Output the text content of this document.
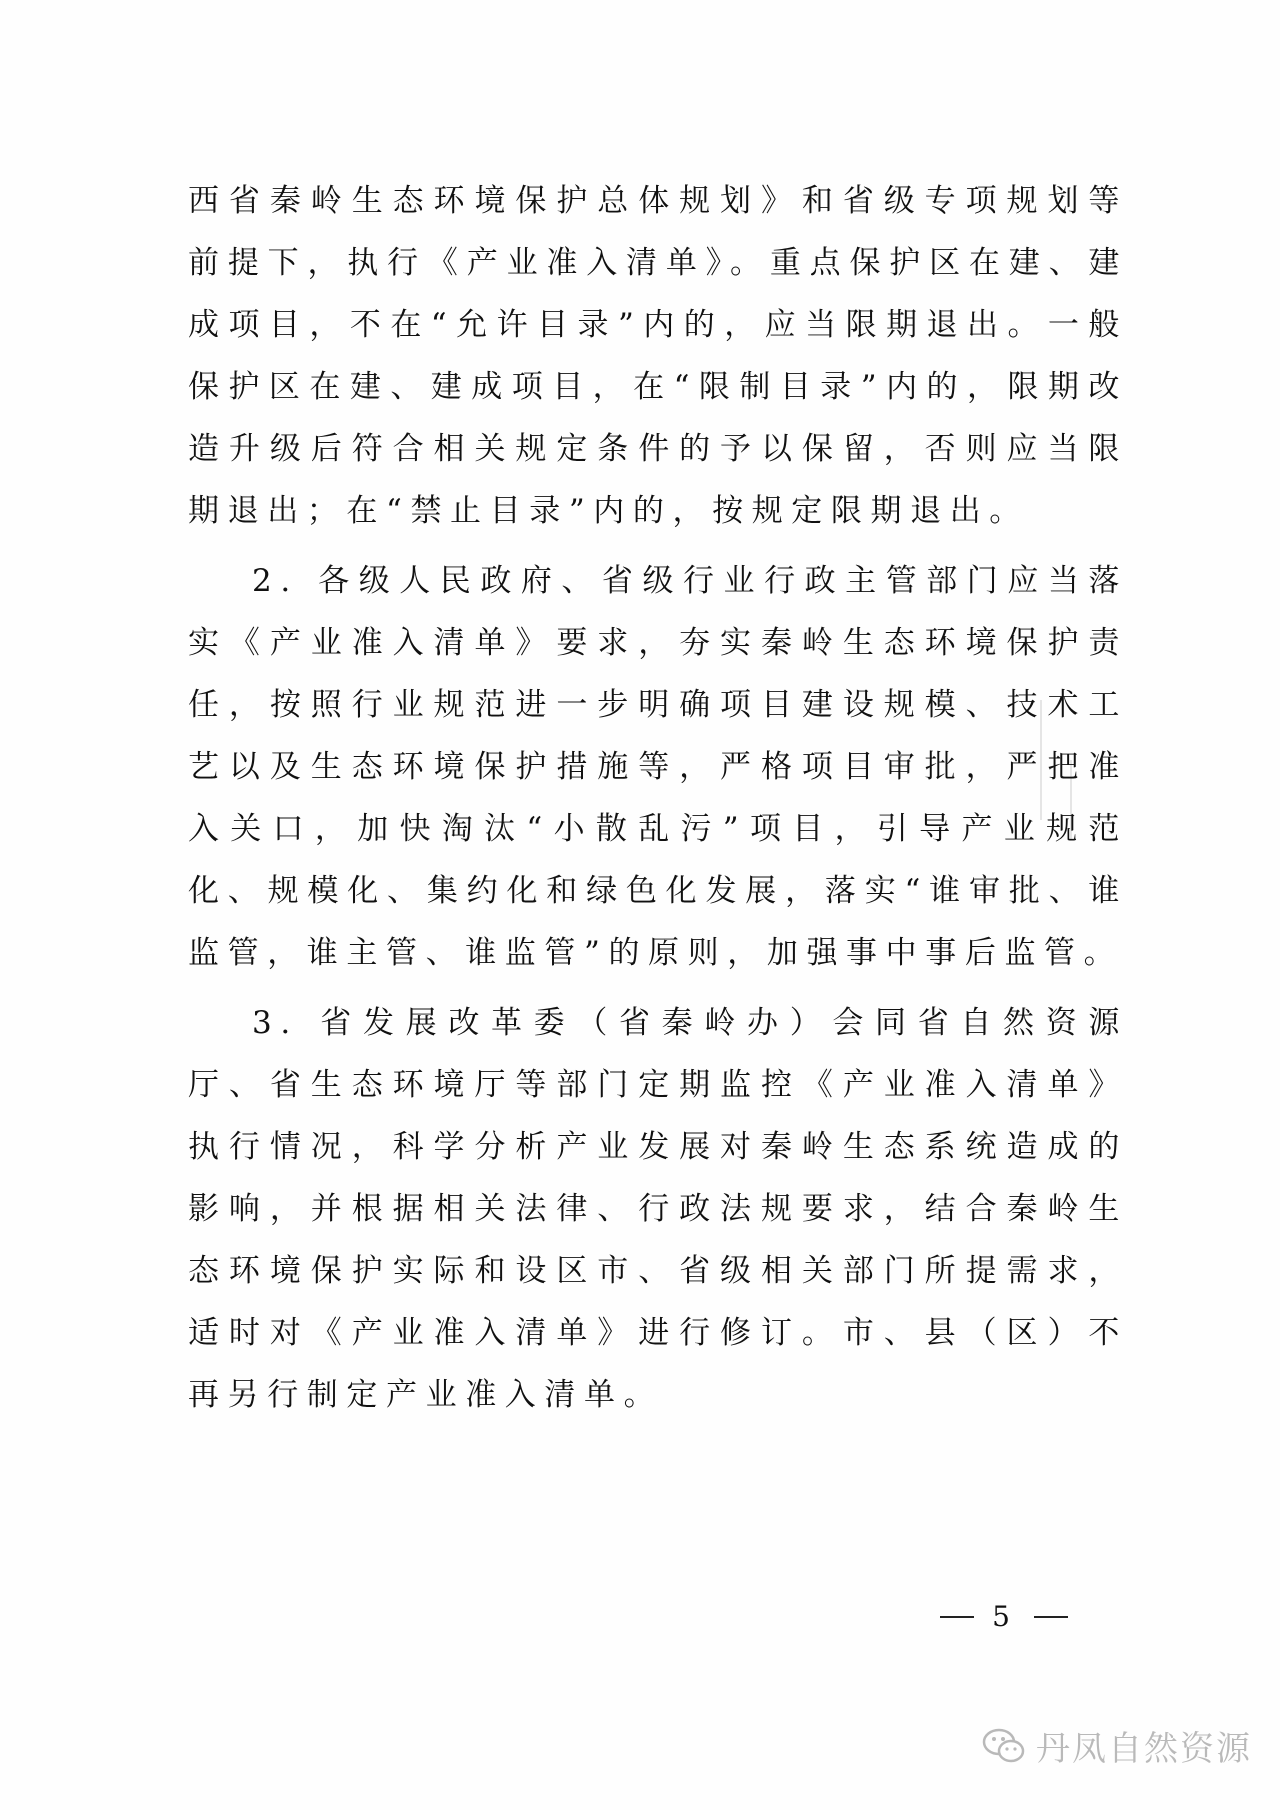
西省秦岭生态环境保护总体规划》和省级专项规划等前提下，执行《产业准入清单》。重点保护区在建、建成项目，不在“允许目录”内的，应当限期退出。一般保护区在建、建成项目，在“限制目录”内的，限期改造升级后符合相关规定条件的予以保留，否则应当限期退出；在“禁止目录”内的，按规定限期退出。

2. 各级人民政府、省级行业行政主管部门应当落实《产业准入清单》要求，夯实秦岭生态环境保护责任，按照行业规范进一步明确项目建设规模、技术工艺以及生态环境保护措施等，严格项目审批，严把准入关口，加快淘汰“小散乱污”项目，引导产业规范化、规模化、集约化和绿色化发展，落实“谁审批、谁监管，谁主管、谁监管”的原则，加强事中事后监管。

3. 省发展改革委（省秦岭办）会同省自然资源厅、省生态环境厅等部门定期监控《产业准入清单》执行情况，科学分析产业发展对秦岭生态系统造成的影响，并根据相关法律、行政法规要求，结合秦岭生态环境保护实际和设区市、省级相关部门所提需求，适时对《产业准入清单》进行修订。市、县（区）不再另行制定产业准入清单。

5
丹凤自然资源
